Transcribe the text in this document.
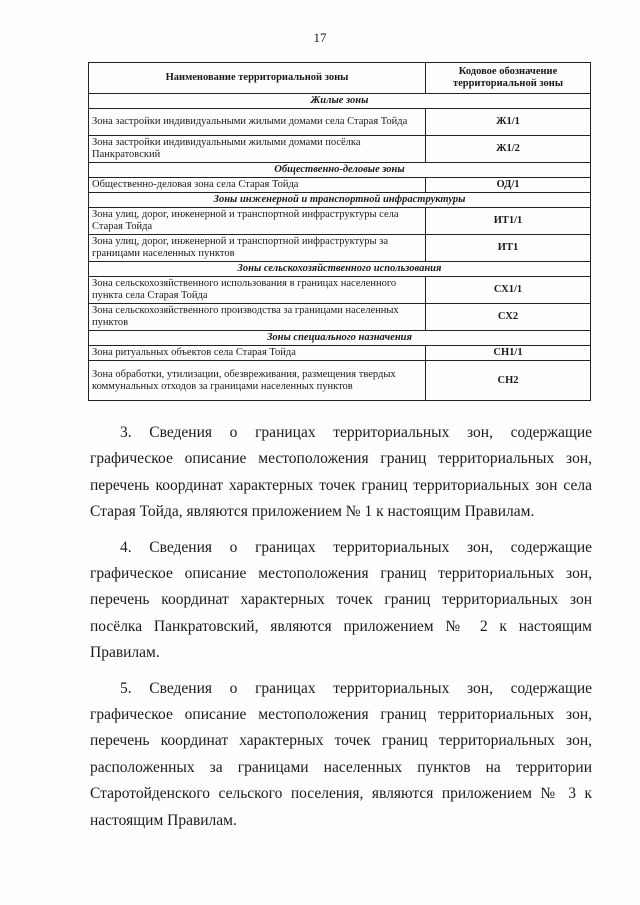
17
Наименование территориальной зоны	Кодовое обозначение территориальной зоны
Жилые зоны	
Зона застройки индивидуальными жилыми домами села Старая Тойда	Ж1/1
Зона застройки индивидуальными жилыми домами посёлка Панкратовский	Ж1/2
Общественно-деловые зоны	
Общественно-деловая зона села Старая Тойда	ОД/1
Зоны инженерной и транспортной инфраструктуры	
Зона улиц, дорог, инженерной и транспортной инфраструктуры села Старая Тойда	ИТ1/1
Зона улиц, дорог, инженерной и транспортной инфраструктуры за границами населенных пунктов	ИТ1
Зоны сельскохозяйственного использования	
Зона сельскохозяйственного использования в границах населенного пункта села Старая Тойда	СХ1/1
Зона сельскохозяйственного производства за границами населенных пунктов	СХ2
Зоны специального назначения	
Зона ритуальных объектов села Старая Тойда	СН1/1
Зона обработки, утилизации, обезвреживания, размещения твердых коммунальных отходов за границами населенных пунктов	СН2

3. Сведения о границах территориальных зон, содержащие графическое описание местоположения границ территориальных зон, перечень координат характерных точек границ территориальных зон села Старая Тойда, являются приложением № 1 к настоящим Правилам.

4. Сведения о границах территориальных зон, содержащие графическое описание местоположения границ территориальных зон, перечень координат характерных точек границ территориальных зон посёлка Панкратовский, являются приложением № 2 к настоящим Правилам.

5. Сведения о границах территориальных зон, содержащие графическое описание местоположения границ территориальных зон, перечень координат характерных точек границ территориальных зон, расположенных за границами населенных пунктов на территории Старотойденского сельского поселения, являются приложением № 3 к настоящим Правилам.
